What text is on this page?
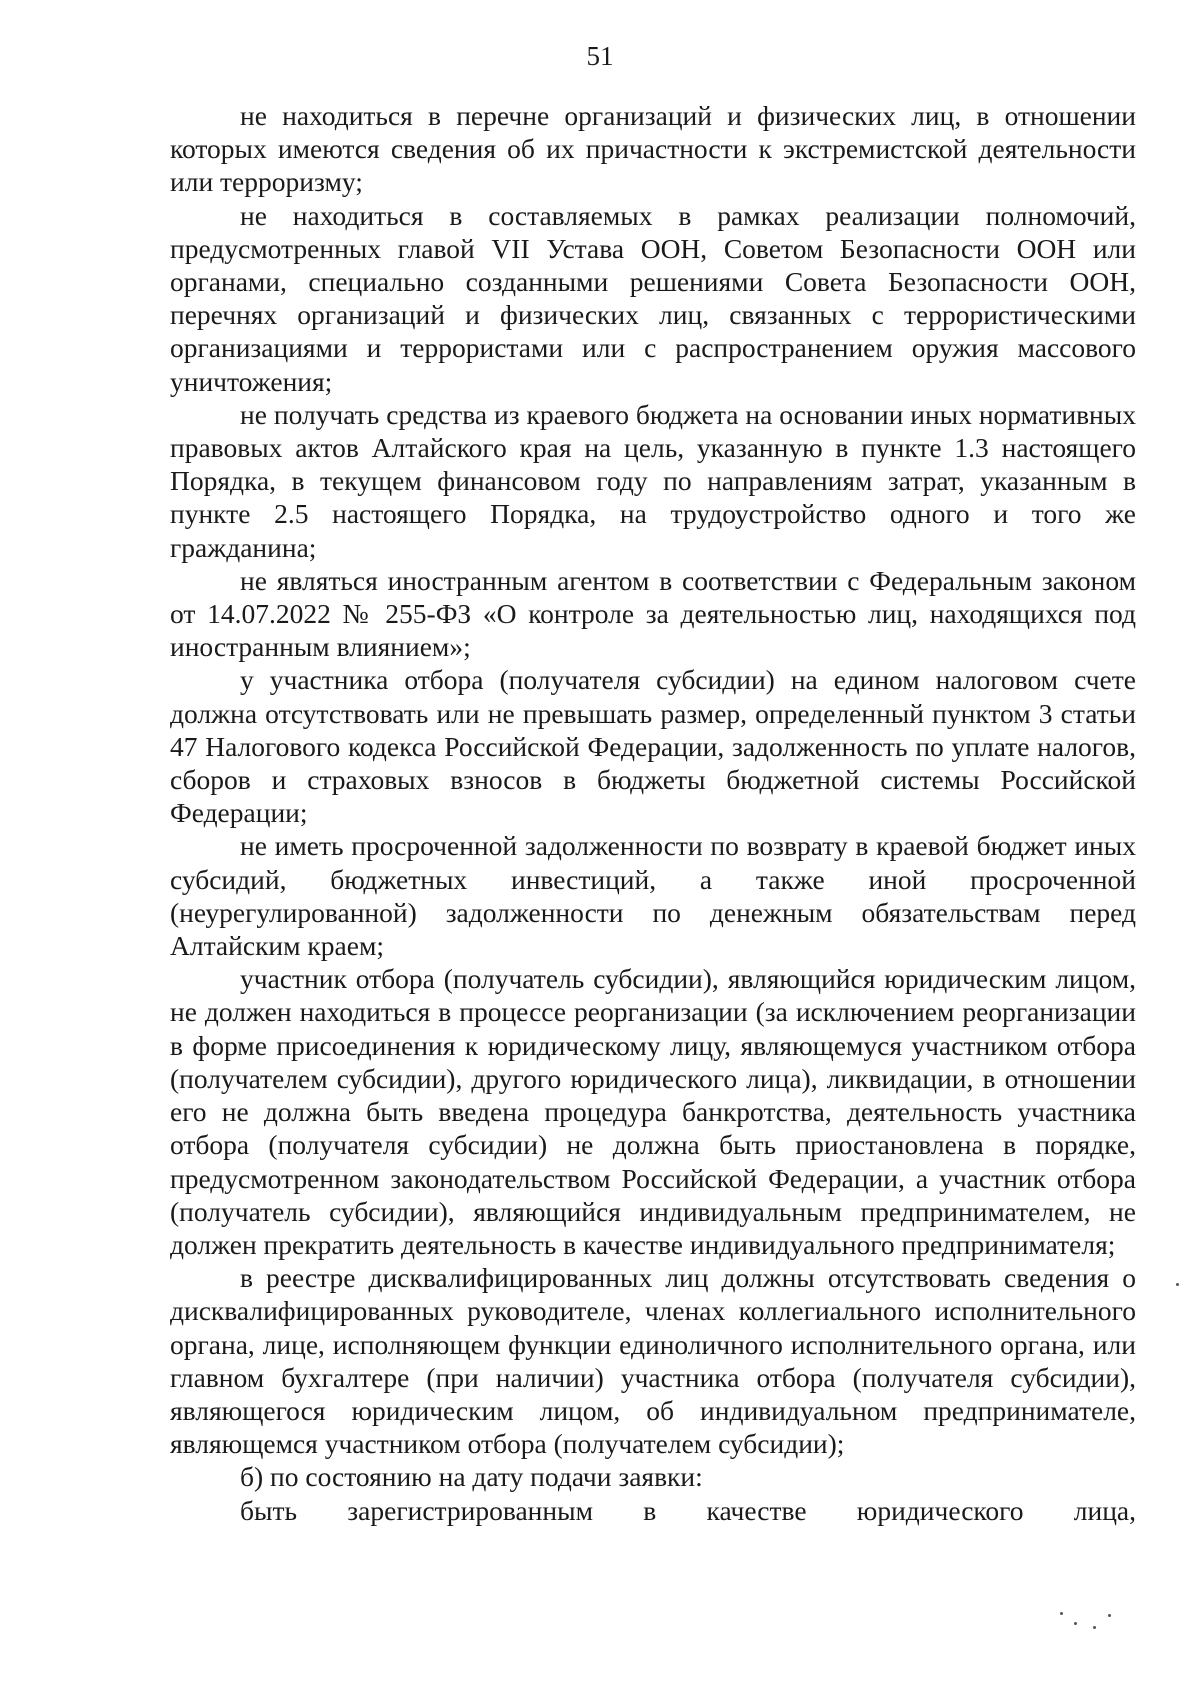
51

не находиться в перечне организаций и физических лиц, в отношении которых имеются сведения об их причастности к экстремистской деятельности или терроризму;

не находиться в составляемых в рамках реализации полномочий, предусмотренных главой VII Устава ООН, Советом Безопасности ООН или органами, специально созданными решениями Совета Безопасности ООН, перечнях организаций и физических лиц, связанных с террористическими организациями и террористами или с распространением оружия массового уничтожения;

не получать средства из краевого бюджета на основании иных нормативных правовых актов Алтайского края на цель, указанную в пункте 1.3 настоящего Порядка, в текущем финансовом году по направлениям затрат, указанным в пункте 2.5 настоящего Порядка, на трудоустройство одного и того же гражданина;

не являться иностранным агентом в соответствии с Федеральным законом от 14.07.2022 № 255-ФЗ «О контроле за деятельностью лиц, находящихся под иностранным влиянием»;

у участника отбора (получателя субсидии) на едином налоговом счете должна отсутствовать или не превышать размер, определенный пунктом 3 статьи 47 Налогового кодекса Российской Федерации, задолженность по уплате налогов, сборов и страховых взносов в бюджеты бюджетной системы Российской Федерации;

не иметь просроченной задолженности по возврату в краевой бюджет иных субсидий, бюджетных инвестиций, а также иной просроченной (неурегулированной) задолженности по денежным обязательствам перед Алтайским краем;

участник отбора (получатель субсидии), являющийся юридическим лицом, не должен находиться в процессе реорганизации (за исключением реорганизации в форме присоединения к юридическому лицу, являющемуся участником отбора (получателем субсидии), другого юридического лица), ликвидации, в отношении его не должна быть введена процедура банкротства, деятельность участника отбора (получателя субсидии) не должна быть приостановлена в порядке, предусмотренном законодательством Российской Федерации, а участник отбора (получатель субсидии), являющийся индивидуальным предпринимателем, не должен прекратить деятельность в качестве индивидуального предпринимателя;

в реестре дисквалифицированных лиц должны отсутствовать сведения о дисквалифицированных руководителе, членах коллегиального исполнительного органа, лице, исполняющем функции единоличного исполнительного органа, или главном бухгалтере (при наличии) участника отбора (получателя субсидии), являющегося юридическим лицом, об индивидуальном предпринимателе, являющемся участником отбора (получателем субсидии);

б) по состоянию на дату подачи заявки:

быть зарегистрированным в качестве юридического лица,
